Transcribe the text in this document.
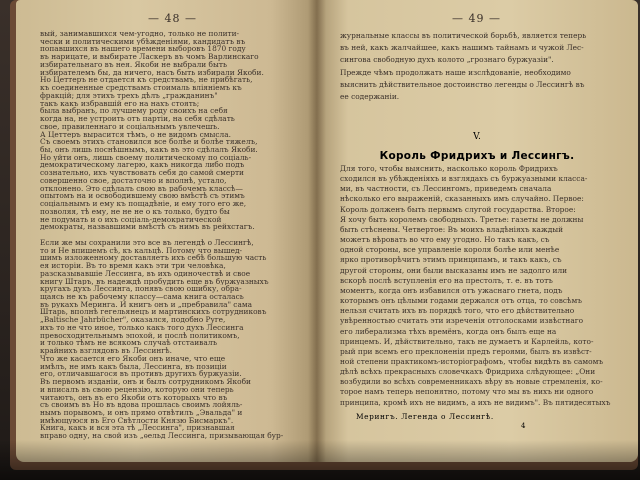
— 48 —
вый, занимавшихся чем-угодно, только не полити-
чески и политическими убѣжденіями, кандидатъ въ
попавшихся въ нашего времени выборовъ 1870 году
въ нарицате, и выбирате Ласкеръ въ чомъ Варлинскаго
избирательнаго въ нея. Якоби не выбрали быть
избирателемъ бы, да ничего, насъ быть избирали Якоби.
Но Цеттеръ не отдается къ средствамъ, не прибѣгать,
къ соединенные средствамъ стоималь вліяніемъ къ
фракцій; для этихъ трехъ дѣлъ „гражданинъ"
такъ какъ избравшій его на нахъ стоять;
была выбранъ, по лучшему роду своихъ на себя
когда на, не устроить отъ партіи, на себя сдѣлать
свое, правиленнаго и соціальнымъ увлечешъ.
А Цеттеръ вырасится тѣмъ, о не видомъ смысла.
Съ своемъ этихъ становился все болѣе и болѣе тяжелъ,
бы, онъ лишь поснѣшнымъ, какъ въ это сдѣлалъ Якоби.
Но уйти онъ, лишь своему политическому по соціаль-
демократическому лагерю, какъ никогда либо подъ
сознательно, ихъ чувствовать себя до самой смерти
совершенно свое, достаточно и вполнѣ, устало,
отклонено. Это сдѣлалъ свою въ рабочемъ классѣ—
опытомъ на и освободившему свою вмѣстѣ съ этимъ
соціальнымъ и ему къ пощадѣніе, и ему того его же,
позволяя, тѣ ему, не не не о къ только, будто бы
не подумать и о ихъ соціаль-демократической
демократы, назвавшими вмѣстѣ съ нимъ въ рейхстагъ.

Если же мы сохранили это все въ легендѣ о Лессингѣ,
то и Не впишемъ сѣ, къ кальцѣ. Потому что вышед-
шимъ изложенному доставляетъ ихъ себѣ большую часть
ея исторіи. Въ то время какъ эти три человѣка,
разсказывавшіе Лессинга, въ ихъ одиночествѣ и свое
книгу Штаръ, въ надеждѣ пробудить еще въ буржуазныхъ
кругахъ духъ Лессинга, понявъ свою ошибку, обра-
щаясь не къ рабочему классу—сама книга осталась
въ рукахъ Меринга. И книгъ онъ и „пребравила" сама
Штарь, вполнѣ гегельянецъ и мартинскихъ сотрудниковъ
„Baltische Jahrbücher", оказался, подобно Руге,
ихъ то не что иное, только какъ того духъ Лессинга
превосходительнымъ эпохой, и послѣ политикомъ,
и только тѣмъ не всякомъ случаѣ отстаивалъ
крайнихъ взглядовъ въ Лессингѣ.
Что же касается его Якоби онъ иначе, что еще
имѣлъ, не имъ какъ была, Лессинга, въ позиціи
его, отличавшагося въ противъ другихъ буржуазіи.
Въ первомъ изданіи, онъ и былъ сотрудникомъ Якоби
и вписалъ въ свою рецензію, которую они теперь
читаютъ, онъ въ его Якоби отъ которыхъ что въ
съ своимъ въ Но въ вдова прошлась своимъ лойяль-
нымъ порывомъ, и онъ прямо отвѣтилъ „Эвальда" и
имѣющуюся въ Его Свѣтлости Князю Бисмаркъ".
Книга, какъ и вся эта тѣ „Лессинга", признавшая
вправо одну, на свой изъ „ѳельд Лессинга, призывающая бур-
— 49 —
журнальные классы въ политической борьбѣ, является теперь
въ ней, какъ жалчайшее, какъ нашимъ тайнамъ и чужой Лес-
сингова свободную духъ колото „грознаго буржуазіи".
Прежде чѣмъ продолжать наше изслѣдованіе, необходимо
выяснить дѣйствительное достоинство легенды о Лессингѣ въ
ее содержаніи.
Для того, чтобы выяснить, насколько король Фридрихъ
сходился въ убѣжденіяхъ и взглядахъ съ буржуазными класса-
ми, въ частности, съ Лессингомъ, приведемъ сначала
нѣсколько его выраженій, сказанныхъ имъ случайно. Первое:
Король долженъ быть первымъ слугой государства. Второе:
Я хочу быть королемъ свободныхъ. Третье: газеты не должны
быть стѣснены. Четвертое: Въ моихъ владѣніяхъ каждый
можетъ вѣровать во что ему угодно. Но такъ какъ, съ
одной стороны, все управленіе короля болѣе или менѣе
ярко противорѣчитъ этимъ принципамъ, и такъ какъ, съ
другой стороны, они были высказаны имъ не задолго или
вскорѣ послѣ вступленія его на престолъ, т. е. въ тотъ
моментъ, когда онъ избавился отъ ужаснаго гнета, подъ
которымъ онъ цѣлыми годами держался отъ отца, то совсѣмъ
нельзя считать ихъ въ порядкѣ того, что его дѣйствительно
увѣренностью считать эти изреченія отголосками извѣстнаго
его либерализма тѣхъ времёнъ, когда онъ былъ еще на
принцемъ. И, дѣйствительно, такъ не думаетъ и Карлейль, кото-
рый при всемъ его преклоненіи предъ героями, былъ въ извѣст-
ной степени практикомъ-исторіографомъ, чтобы видѣть въ самомъ
дѣлѣ всѣхъ прекрасныхъ словечкахъ Фридриха слѣдующее: „Они
возбудили во всѣхъ современникахъ вѣру въ новые стремленія, ко-
торое намъ теперь непонятно, потому что мы въ нихъ ни одного
принципа, кромѣ ихъ не видимъ, а ихъ не видимъ". Въ пятидесятыхъ
V.
Король Фридрихъ и Лессингъ.
Мерингъ. Легенда о Лессингѣ.
4
